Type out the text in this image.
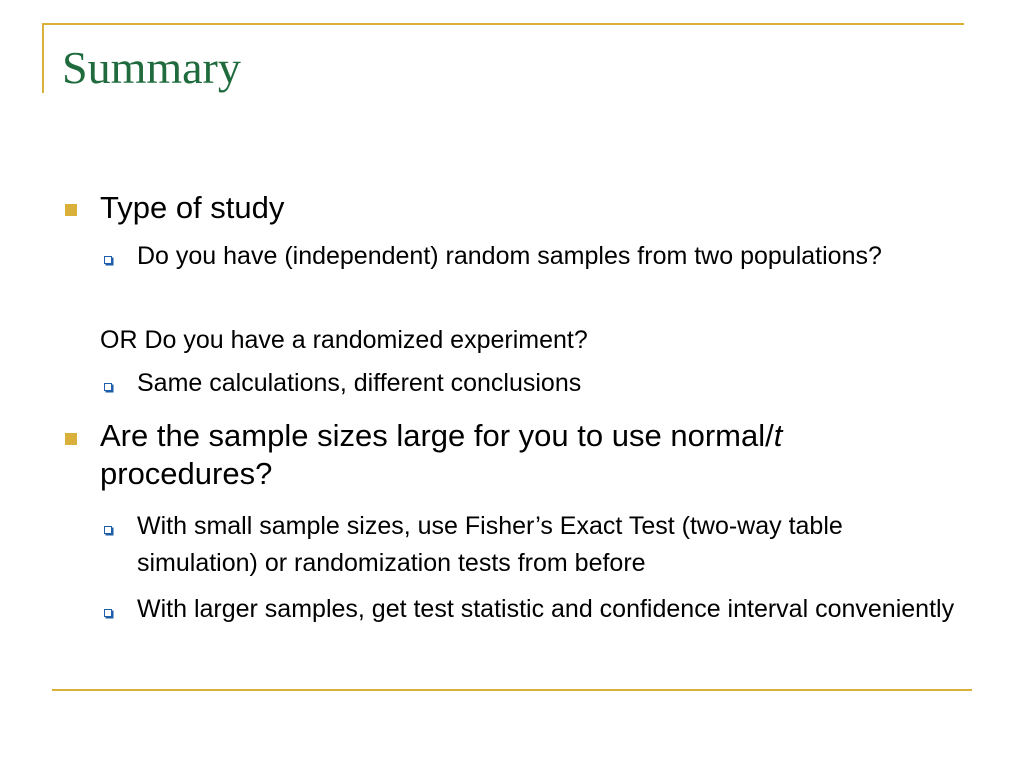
Summary
Type of study
Do you have (independent) random samples from two populations?
OR Do you have a randomized experiment?
Same calculations, different conclusions
Are the sample sizes large for you to use normal/t
procedures?
With small sample sizes, use Fisher’s Exact Test (two-way table simulation) or randomization tests from before
With larger samples, get test statistic and confidence interval conveniently
